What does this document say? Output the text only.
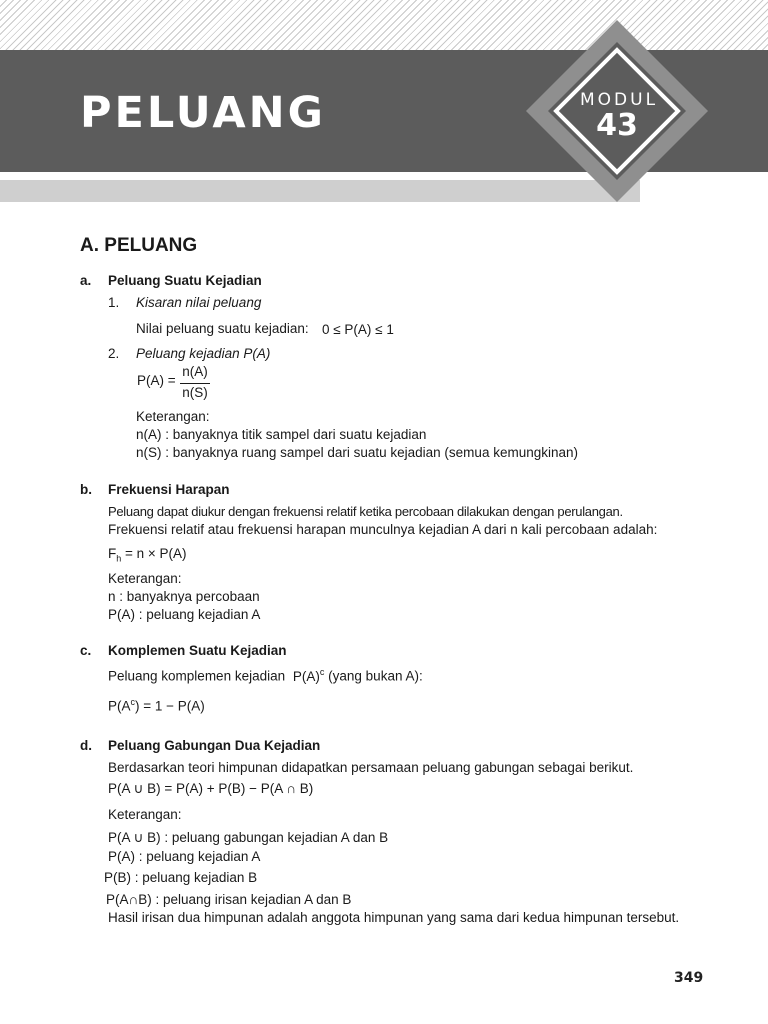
PELUANG	MODUL
43
A. PELUANG
a. Peluang Suatu Kejadian
1. Kisaran nilai peluang
Nilai peluang suatu kejadian: 0 ≤ P(A) ≤ 1
2. Peluang kejadian P(A)
P(A) =
n(A)
n(S)
Keterangan:
n(A) : banyaknya titik sampel dari suatu kejadian
n(S) : banyaknya ruang sampel dari suatu kejadian (semua kemungkinan)
b. Frekuensi Harapan
Peluang dapat diukur dengan frekuensi relatif ketika percobaan dilakukan dengan perulangan.
Frekuensi relatif atau frekuensi harapan munculnya kejadian A dari n kali percobaan adalah:
$F_h = n \times P(A)$
Keterangan:
n : banyaknya percobaan
P(A) : peluang kejadian A
c. Komplemen Suatu Kejadian
Peluang komplemen kejadian $P(A)^c$ (yang bukan A):
$P(A^c) = 1 - P(A)$
d. Peluang Gabungan Dua Kejadian
Berdasarkan teori himpunan didapatkan persamaan peluang gabungan sebagai berikut.
P(A ∪ B) = P(A) + P(B) − P(A ∩ B)
Keterangan:
P(A ∪ B) : peluang gabungan kejadian A dan B
P(A) : peluang kejadian A
P(B) : peluang kejadian B
P(A∩B) : peluang irisan kejadian A dan B
Hasil irisan dua himpunan adalah anggota himpunan yang sama dari kedua himpunan tersebut.
349
